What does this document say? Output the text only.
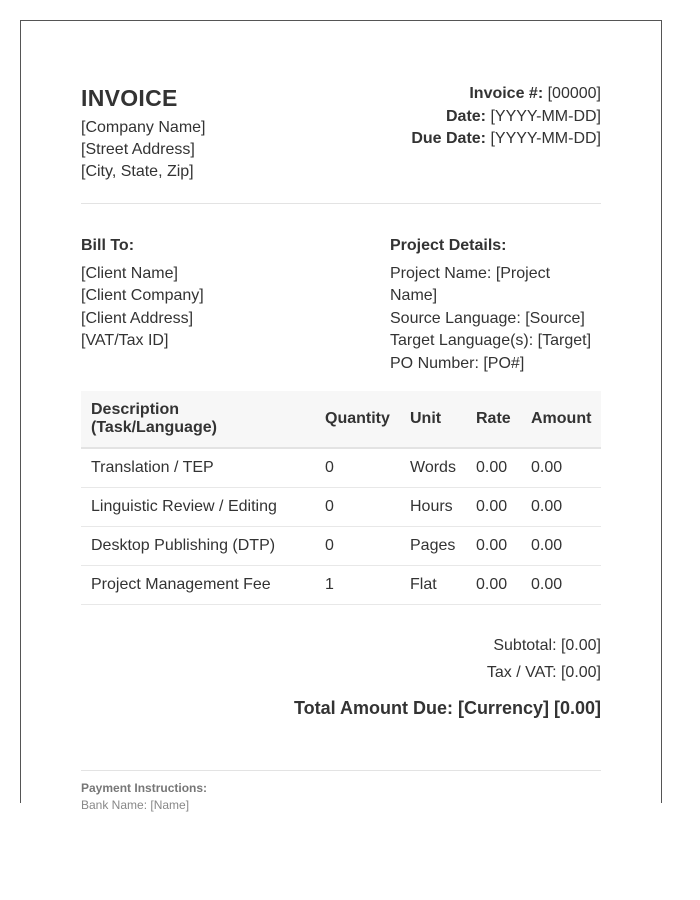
INVOICE
[Company Name]
[Street Address]
[City, State, Zip]
Invoice #: [00000]
Date: [YYYY-MM-DD]
Due Date: [YYYY-MM-DD]
Bill To:
[Client Name]
[Client Company]
[Client Address]
[VAT/Tax ID]
Project Details:
Project Name: [Project Name]
Source Language: [Source]
Target Language(s): [Target]
PO Number: [PO#]
Description
(Task/Language)	Quantity	Unit	Rate	Amount
Translation / TEP	0	Words	0.00	0.00
Linguistic Review / Editing	0	Hours	0.00	0.00
Desktop Publishing (DTP)	0	Pages	0.00	0.00
Project Management Fee	1	Flat	0.00	0.00
Subtotal: [0.00]
Tax / VAT: [0.00]
Total Amount Due: [Currency] [0.00]
Payment Instructions:
Bank Name: [Name]
